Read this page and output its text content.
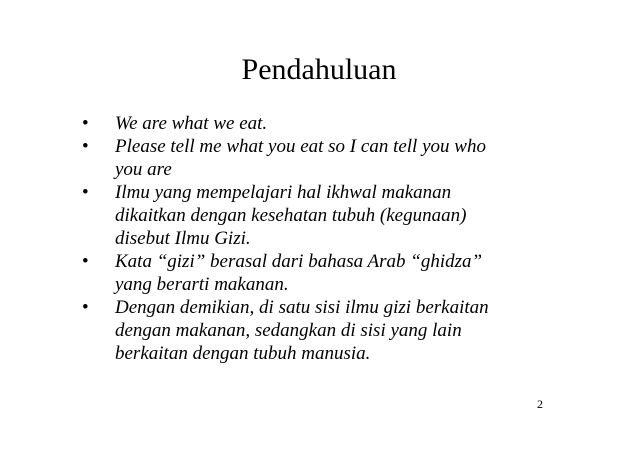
Pendahuluan
• We are what we eat.
• Please tell me what you eat so I can tell you who
you are
• Ilmu yang mempelajari hal ikhwal makanan
dikaitkan dengan kesehatan tubuh (kegunaan)
disebut Ilmu Gizi.
• Kata “gizi” berasal dari bahasa Arab “ghidza”
yang berarti makanan.
• Dengan demikian, di satu sisi ilmu gizi berkaitan
dengan makanan, sedangkan di sisi yang lain
berkaitan dengan tubuh manusia.
2
